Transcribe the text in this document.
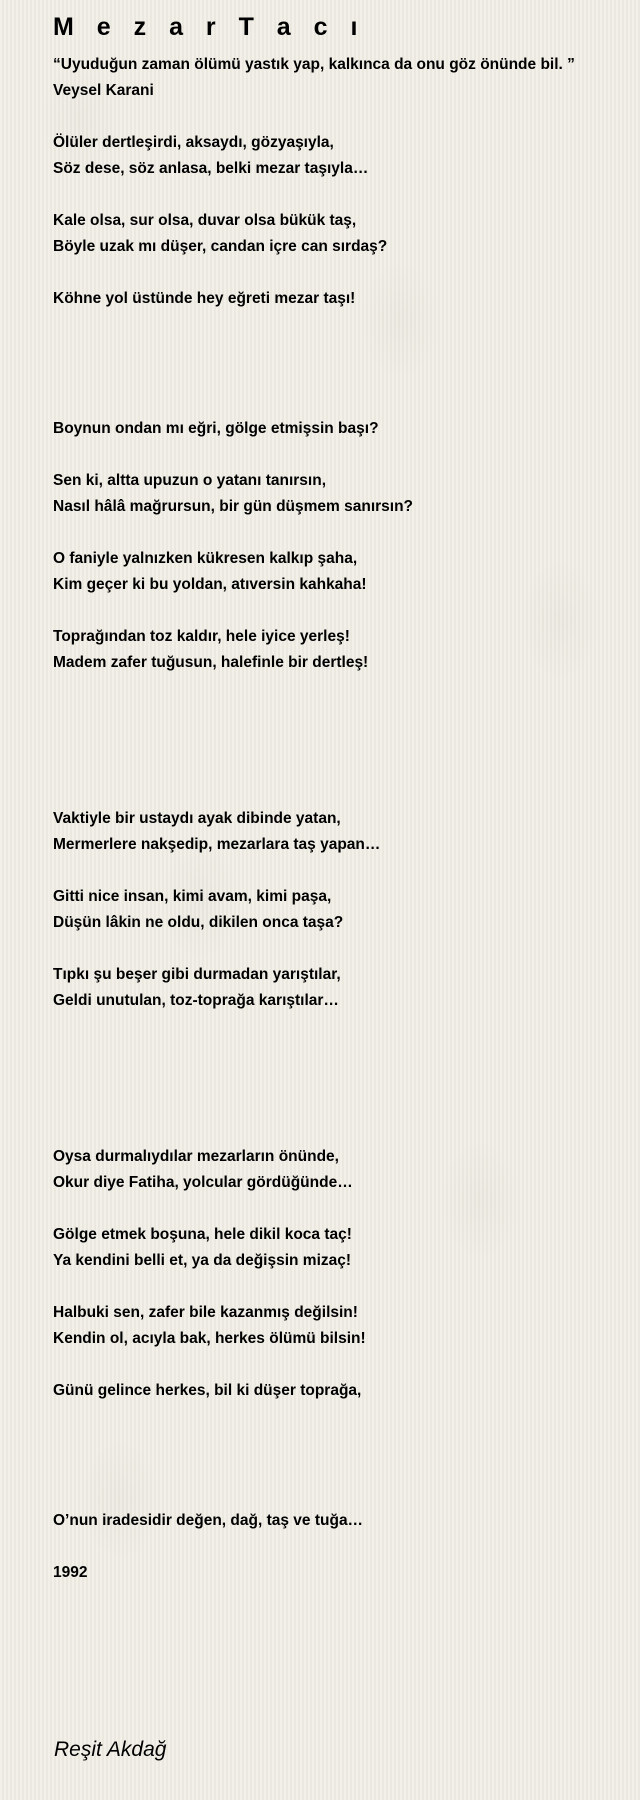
M e z a r T a c ı
“Uyuduğun zaman ölümü yastık yap, kalkınca da onu göz önünde bil. ”
Veysel Karani
Ölüler dertleşirdi, aksaydı, gözyaşıyla,
Söz dese, söz anlasa, belki mezar taşıyla…
Kale olsa, sur olsa, duvar olsa bükük taş,
Böyle uzak mı düşer, candan içre can sırdaş?
Köhne yol üstünde hey eğreti mezar taşı!
Boynun ondan mı eğri, gölge etmişsin başı?
Sen ki, altta upuzun o yatanı tanırsın,
Nasıl hâlâ mağrursun, bir gün düşmem sanırsın?
O faniyle yalnızken kükresen kalkıp şaha,
Kim geçer ki bu yoldan, atıversin kahkaha!
Toprağından toz kaldır, hele iyice yerleş!
Madem zafer tuğusun, halefinle bir dertleş!
Vaktiyle bir ustaydı ayak dibinde yatan,
Mermerlere nakşedip, mezarlara taş yapan…
Gitti nice insan, kimi avam, kimi paşa,
Düşün lâkin ne oldu, dikilen onca taşa?
Tıpkı şu beşer gibi durmadan yarıştılar,
Geldi unutulan, toz-toprağa karıştılar…
Oysa durmalıydılar mezarların önünde,
Okur diye Fatiha, yolcular gördüğünde…
Gölge etmek boşuna, hele dikil koca taç!
Ya kendini belli et, ya da değişsin mizaç!
Halbuki sen, zafer bile kazanmış değilsin!
Kendin ol, acıyla bak, herkes ölümü bilsin!
Günü gelince herkes, bil ki düşer toprağa,
O’nun iradesidir değen, dağ, taş ve tuğa…
1992

Reşit Akdağ
